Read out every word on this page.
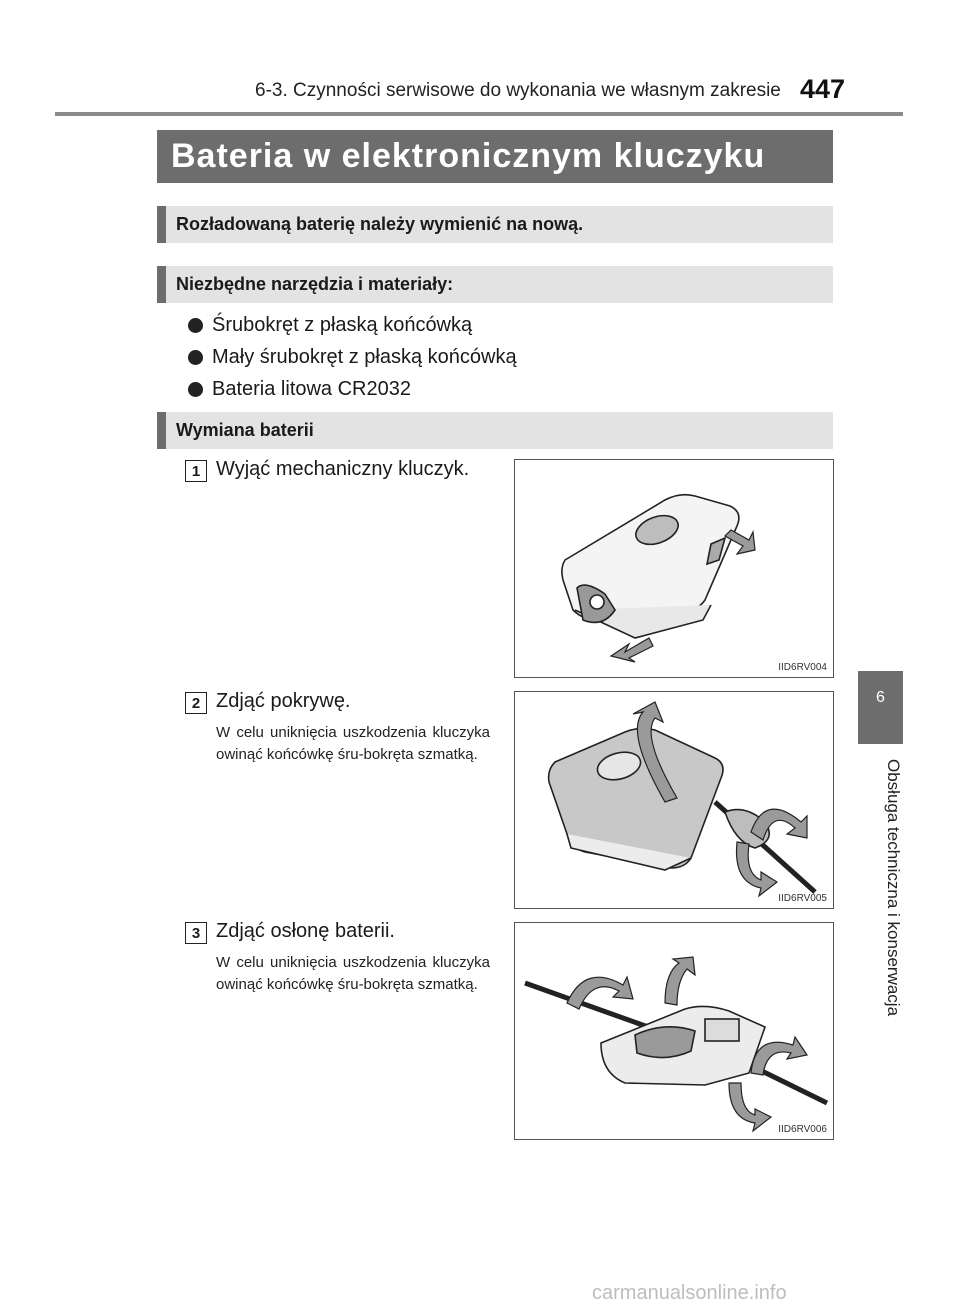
6-3. Czynności serwisowe do wykonania we własnym zakresie 447
Bateria w elektronicznym kluczyku
Rozładowaną baterię należy wymienić na nową.
Niezbędne narzędzia i materiały:
Śrubokręt z płaską końcówką
Mały śrubokręt z płaską końcówką
Bateria litowa CR2032
Wymiana baterii
1 Wyjąć mechaniczny kluczyk.
IID6RV004
2 Zdjąć pokrywę.
W celu uniknięcia uszkodzenia kluczyka owinąć końcówkę śru-bokręta szmatką.
IID6RV005
3 Zdjąć osłonę baterii.
W celu uniknięcia uszkodzenia kluczyka owinąć końcówkę śru-bokręta szmatką.
IID6RV006
6
Obsługa techniczna i konserwacja
carmanualsonline.info
